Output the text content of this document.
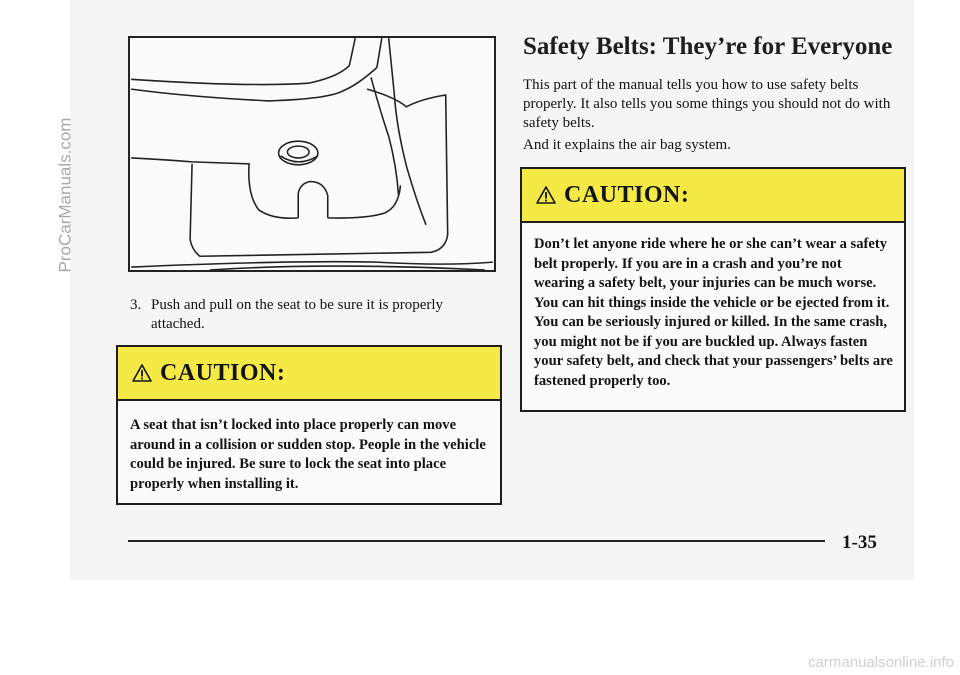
ProCarManuals.com
3. Push and pull on the seat to be sure it is properly attached.
CAUTION:
A seat that isn’t locked into place properly can move around in a collision or sudden stop. People in the vehicle could be injured. Be sure to lock the seat into place properly when installing it.
Safety Belts: They’re for Everyone
This part of the manual tells you how to use safety belts properly. It also tells you some things you should not do with safety belts.
And it explains the air bag system.
CAUTION:
Don’t let anyone ride where he or she can’t wear a safety belt properly. If you are in a crash and you’re not wearing a safety belt, your injuries can be much worse. You can hit things inside the vehicle or be ejected from it. You can be seriously injured or killed. In the same crash, you might not be if you are buckled up. Always fasten your safety belt, and check that your passengers’ belts are fastened properly too.
1-35
carmanualsonline.info
